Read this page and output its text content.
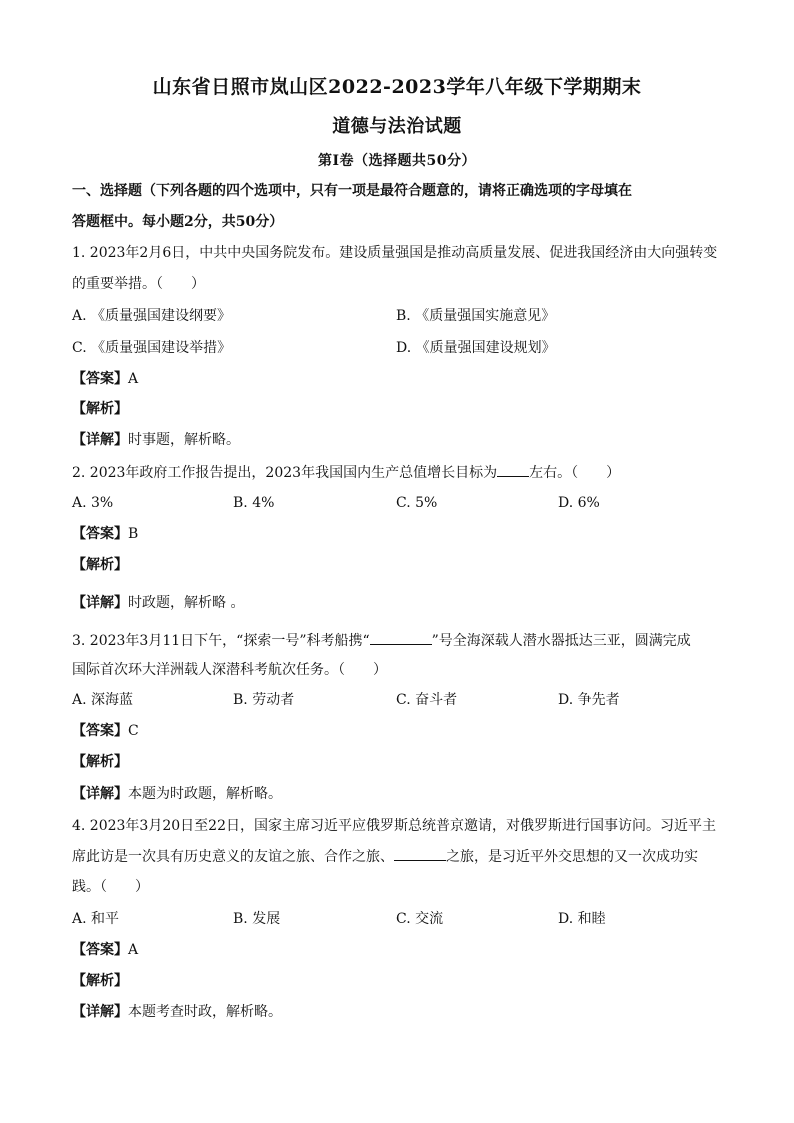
山东省日照市岚山区2022-2023学年八年级下学期期末
道德与法治试题
第I卷（选择题共50分）
一、选择题（下列各题的四个选项中，只有一项是最符合题意的，请将正确选项的字母填在
答题框中。每小题2分，共50分）
1. 2023年2月6日，中共中央国务院发布。建设质量强国是推动高质量发展、促进我国经济由大向强转变
的重要举措。（　　）
A. 《质量强国建设纲要》	B. 《质量强国实施意见》
C. 《质量强国建设举措》	D. 《质量强国建设规划》
【答案】A
【解析】
【详解】时事题，解析略。
2. 2023年政府工作报告提出，2023年我国国内生产总值增长目标为 左右。（　　）
A. 3%	B. 4%	C. 5%	D. 6%
【答案】B
【解析】
【详解】时政题，解析略 。
3. 2023年3月11日下午，“探索一号”科考船携“	”号全海深载人潜水器抵达三亚，圆满完成
国际首次环大洋洲载人深潜科考航次任务。（　　）
A. 深海蓝	B. 劳动者	C. 奋斗者	D. 争先者
【答案】C
【解析】
【详解】本题为时政题，解析略。
4. 2023年3月20日至22日，国家主席习近平应俄罗斯总统普京邀请，对俄罗斯进行国事访问。习近平主
席此访是一次具有历史意义的友谊之旅、合作之旅、	之旅，是习近平外交思想的又一次成功实
践。（　　）
A. 和平	B. 发展	C. 交流	D. 和睦
【答案】A
【解析】
【详解】本题考查时政，解析略。
